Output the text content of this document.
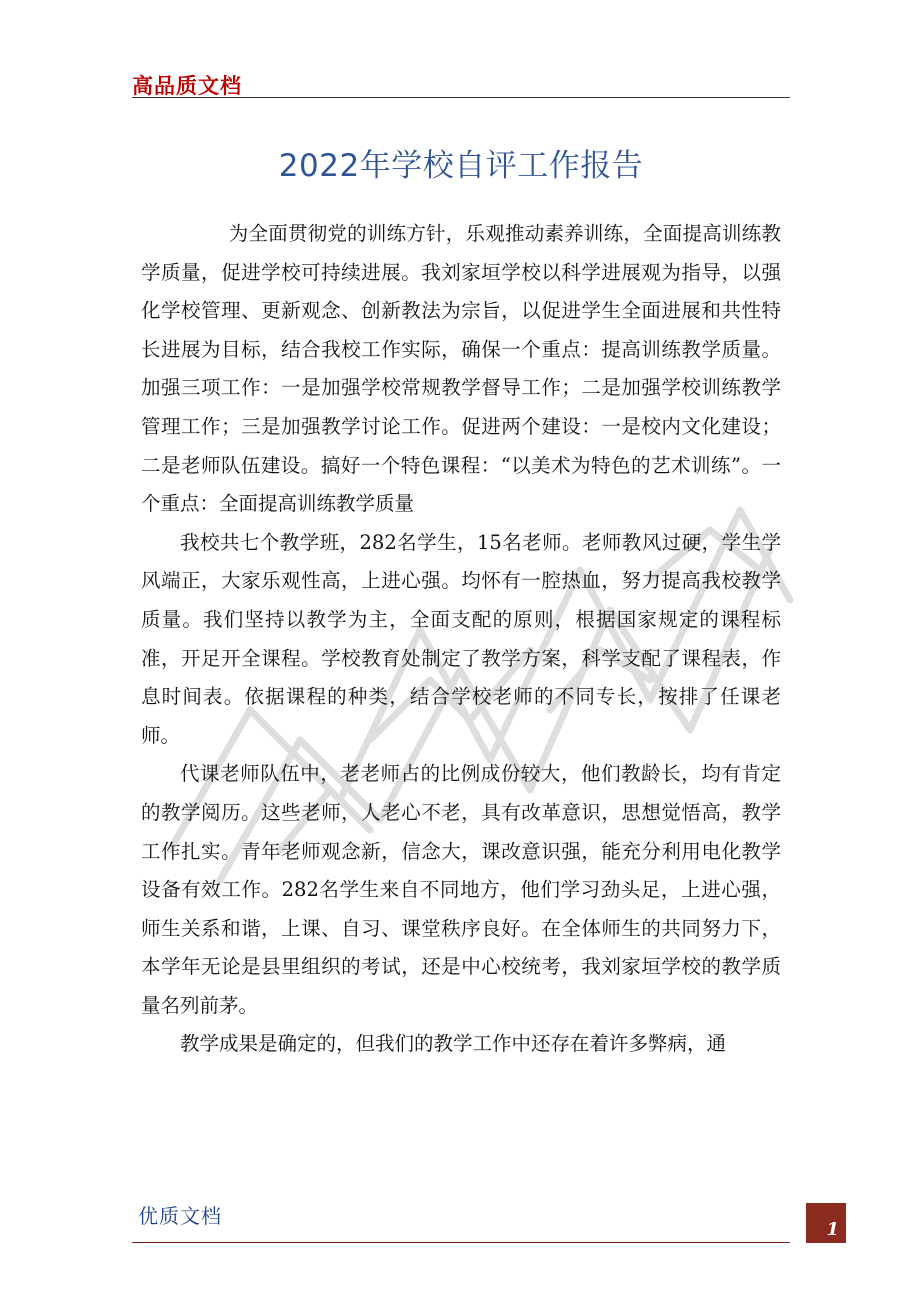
高品质文档
2022年学校自评工作报告

为全面贯彻党的训练方针，乐观推动素养训练，全面提高训练教学质量，促进学校可持续进展。我刘家垣学校以科学进展观为指导，以强化学校管理、更新观念、创新教法为宗旨，以促进学生全面进展和共性特长进展为目标，结合我校工作实际，确保一个重点：提高训练教学质量。加强三项工作：一是加强学校常规教学督导工作；二是加强学校训练教学管理工作；三是加强教学讨论工作。促进两个建设：一是校内文化建设；二是老师队伍建设。搞好一个特色课程：“以美术为特色的艺术训练”。一个重点：全面提高训练教学质量

我校共七个教学班，282名学生，15名老师。老师教风过硬，学生学风端正，大家乐观性高，上进心强。均怀有一腔热血，努力提高我校教学质量。我们坚持以教学为主，全面支配的原则，根据国家规定的课程标准，开足开全课程。学校教育处制定了教学方案，科学支配了课程表，作息时间表。依据课程的种类，结合学校老师的不同专长，按排了任课老师。

代课老师队伍中，老老师占的比例成份较大，他们教龄长，均有肯定的教学阅历。这些老师，人老心不老，具有改革意识，思想觉悟高，教学工作扎实。青年老师观念新，信念大，课改意识强，能充分利用电化教学设备有效工作。282名学生来自不同地方，他们学习劲头足，上进心强，师生关系和谐，上课、自习、课堂秩序良好。在全体师生的共同努力下，本学年无论是县里组织的考试，还是中心校统考，我刘家垣学校的教学质量名列前茅。

教学成果是确定的，但我们的教学工作中还存在着许多弊病，通

优质文档
1
